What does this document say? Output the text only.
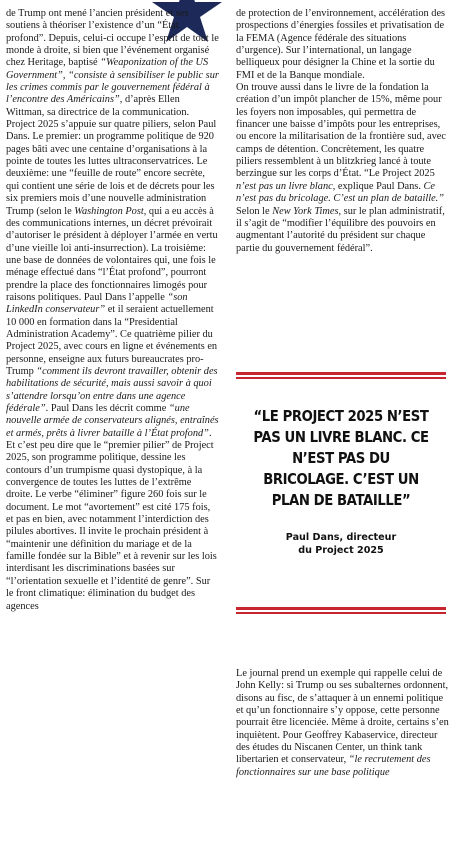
de Trump ont mené l’ancien président et ses soutiens à théoriser l’existence d’un “État profond”. Depuis, celui-ci occupe l’esprit de tout le monde à droite, si bien que l’événement organisé chez Heritage, baptisé “Weaponization of the US Government”, “consiste à sensibiliser le public sur les crimes commis par le gouvernement fédéral à l’encontre des Américains”, d’après Ellen Wittman, sa directrice de la communication. Project 2025 s’appuie sur quatre piliers, selon Paul Dans. Le premier: un programme politique de 920 pages bâti avec une centaine d’organisations à la pointe de toutes les luttes ultraconservatrices. Le deuxième: une “feuille de route” encore secrète, qui contient une série de lois et de décrets pour les six premiers mois d’une nouvelle administration Trump (selon le Washington Post, qui a eu accès à des communications internes, un décret prévoirait d’autoriser le président à déployer l’armée en vertu d’une vieille loi anti-insurrection). La troisième: une base de données de volontaires qui, une fois le ménage effectué dans “l’État profond”, pourront prendre la place des fonctionnaires limogés pour raisons politiques. Paul Dans l’appelle “son LinkedIn conservateur” et il seraient actuellement 10 000 en formation dans la “Presidential Administration Academy”. Ce quatrième pilier du Project 2025, avec cours en ligne et événements en personne, enseigne aux futurs bureaucrates pro-Trump “comment ils devront travailler, obtenir des habilitations de sécurité, mais aussi savoir à quoi s’attendre lorsqu’on entre dans une agence fédérale”. Paul Dans les décrit comme “une nouvelle armée de conservateurs alignés, entraînés et armés, prêts à livrer bataille à l’État profond”.

Et c’est peu dire que le “premier pilier” de Project 2025, son programme politique, dessine les contours d’un trumpisme quasi dystopique, à la convergence de toutes les luttes de l’extrême droite. Le verbe “éliminer” figure 260 fois sur le document. Le mot “avortement” est cité 175 fois, et pas en bien, avec notamment l’interdiction des pilules abortives. Il invite le prochain président à “maintenir une définition du mariage et de la famille fondée sur la Bible” et à revenir sur les lois interdisant les discriminations basées sur “l’orientation sexuelle et l’identité de genre”. Sur le front climatique: élimination du budget des agences

de protection de l’environnement, accélération des prospections d’énergies fossiles et privatisation de la FEMA (Agence fédérale des situations d’urgence). Sur l’international, un langage belliqueux pour désigner la Chine et la sortie du FMI et de la Banque mondiale.

On trouve aussi dans le livre de la fondation la création d’un impôt plancher de 15%, même pour les foyers non imposables, qui permettra de financer une baisse d’impôts pour les entreprises, ou encore la militarisation de la frontière sud, avec camps de détention. Concrètement, les quatre piliers ressemblent à un blitzkrieg lancé à toute berzingue sur les corps d’État. “Le Project 2025 n’est pas un livre blanc, explique Paul Dans. Ce n’est pas du bricolage. C’est un plan de bataille.” Selon le New York Times, sur le plan administratif, il s’agit de “modifier l’équilibre des pouvoirs en augmentant l’autorité du président sur chaque partie du gouvernement fédéral”.

“LE PROJECT 2025 N’EST PAS UN LIVRE BLANC. CE N’EST PAS DU BRICOLAGE. C’EST UN PLAN DE BATAILLE”
Paul Dans, directeur
du Project 2025

Le journal prend un exemple qui rappelle celui de John Kelly: si Trump ou ses subalternes ordonnent, disons au fisc, de s’attaquer à un ennemi politique et qu’un fonctionnaire s’y oppose, cette personne pourrait être licenciée. Même à droite, certains s’en inquiètent. Pour Geoffrey Kabaservice, directeur des études du Niscanen Center, un think tank libertarien et conservateur, “le recrutement des fonctionnaires sur une base politique
